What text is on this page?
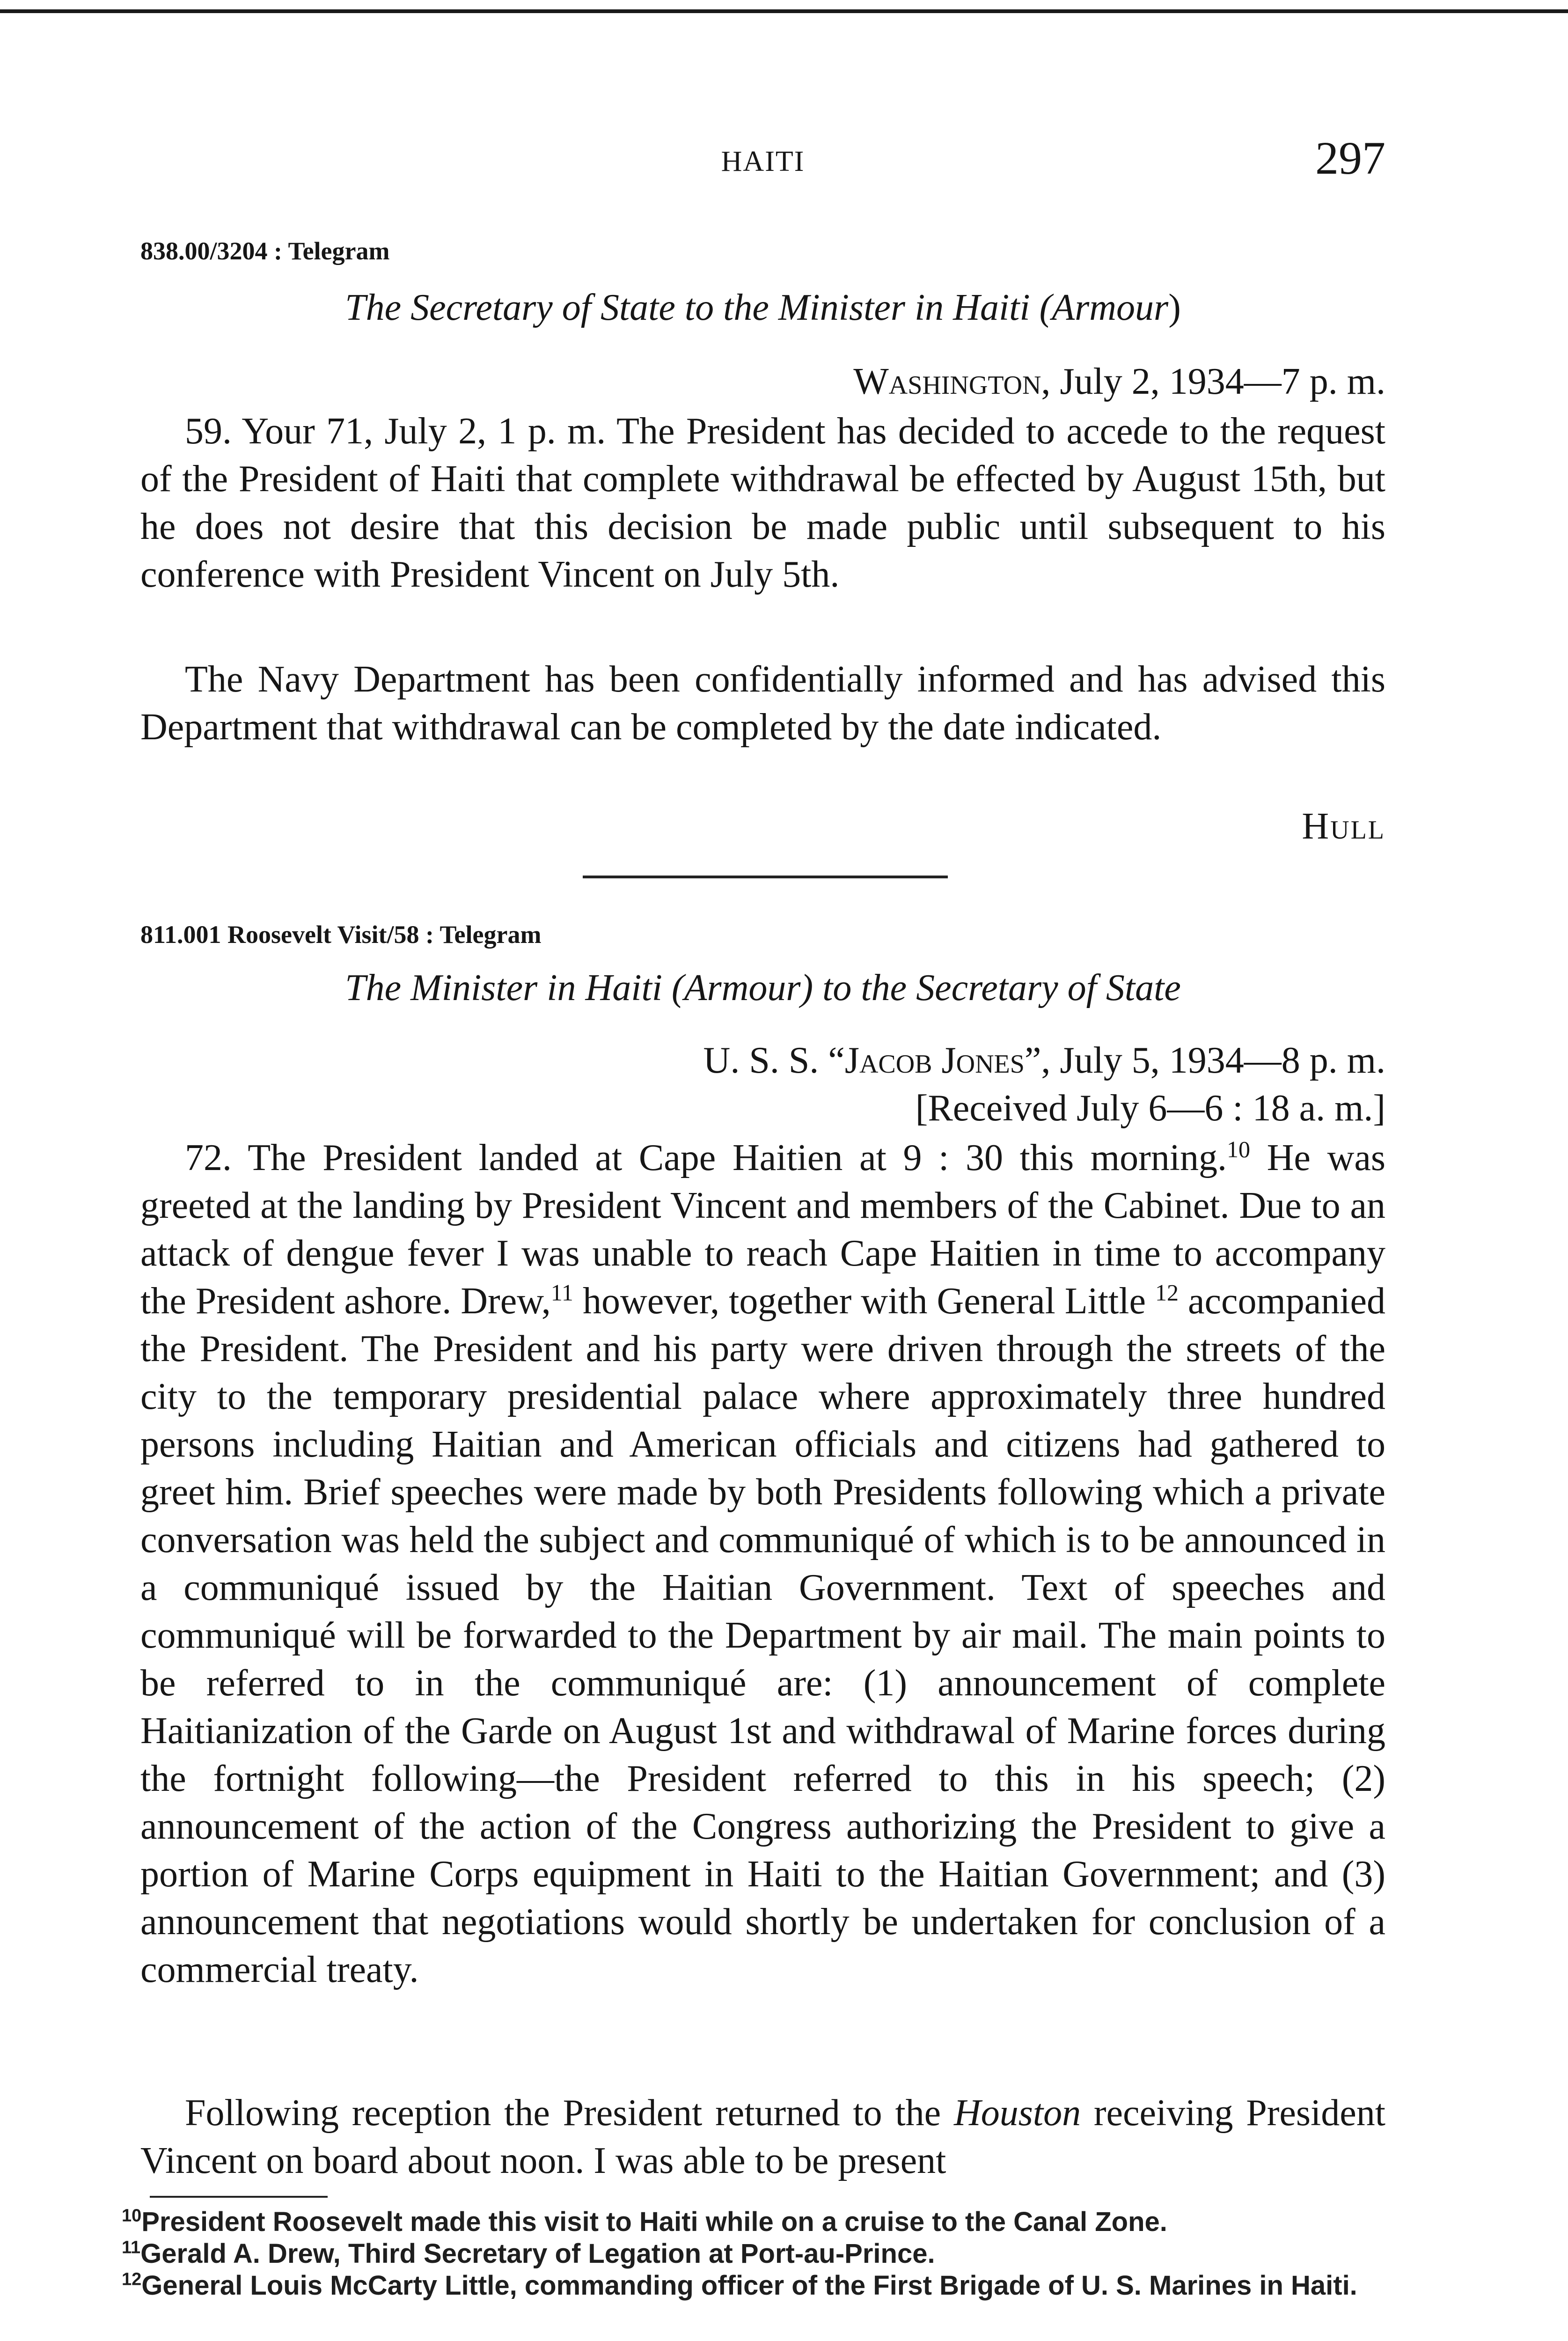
HAITI	297
838.00/3204 : Telegram
The Secretary of State to the Minister in Haiti (Armour)
Washington, July 2, 1934—7 p. m.
59. Your 71, July 2, 1 p. m. The President has decided to accede to the request of the President of Haiti that complete withdrawal be effected by August 15th, but he does not desire that this decision be made public until subsequent to his conference with President Vincent on July 5th.
The Navy Department has been confidentially informed and has advised this Department that withdrawal can be completed by the date indicated.
Hull
811.001 Roosevelt Visit/58 : Telegram
The Minister in Haiti (Armour) to the Secretary of State
U. S. S. “Jacob Jones”, July 5, 1934—8 p. m.
[Received July 6—6 : 18 a. m.]
72. The President landed at Cape Haitien at 9 : 30 this morning.$^{10}$ He was greeted at the landing by President Vincent and members of the Cabinet. Due to an attack of dengue fever I was unable to reach Cape Haitien in time to accompany the President ashore. Drew,$^{11}$ however, together with General Little $^{12}$ accompanied the President. The President and his party were driven through the streets of the city to the temporary presidential palace where approximately three hundred persons including Haitian and American officials and citizens had gathered to greet him. Brief speeches were made by both Presidents following which a private conversation was held the subject and communiqué of which is to be announced in a communiqué issued by the Haitian Government. Text of speeches and communiqué will be forwarded to the Department by air mail. The main points to be referred to in the communiqué are: (1) announcement of complete Haitianization of the Garde on August 1st and withdrawal of Marine forces during the fortnight following—the President referred to this in his speech; (2) announcement of the action of the Congress authorizing the President to give a portion of Marine Corps equipment in Haiti to the Haitian Government; and (3) announcement that negotiations would shortly be undertaken for conclusion of a commercial treaty.
Following reception the President returned to the Houston receiving President Vincent on board about noon. I was able to be present

$^{10}$President Roosevelt made this visit to Haiti while on a cruise to the Canal Zone.

$^{11}$Gerald A. Drew, Third Secretary of Legation at Port-au-Prince.

$^{12}$General Louis McCarty Little, commanding officer of the First Brigade of U. S. Marines in Haiti.
